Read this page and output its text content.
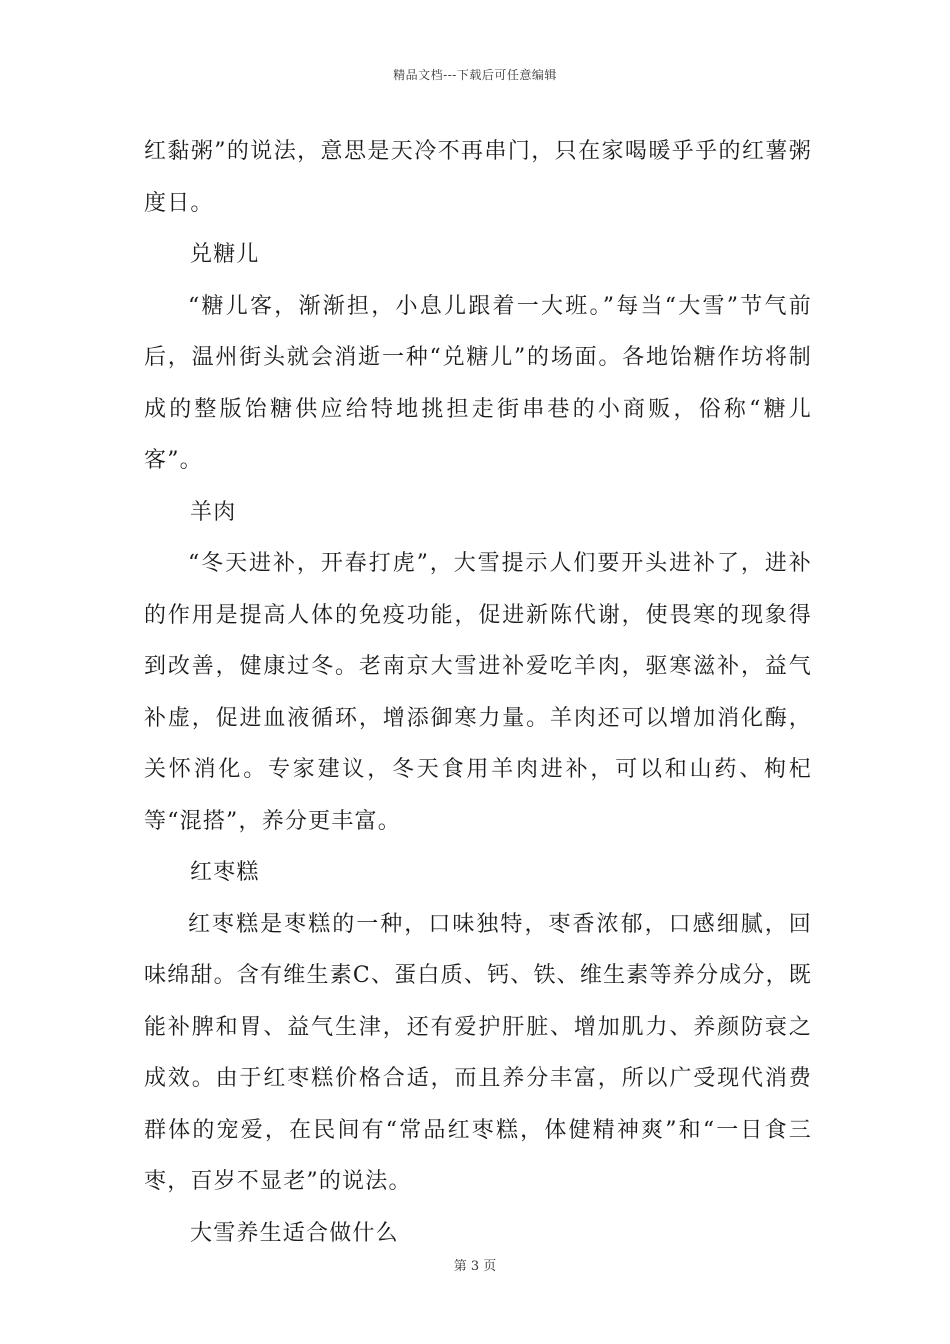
精品文档---下载后可任意编辑

红黏粥”的说法，意思是天冷不再串门，只在家喝暖乎乎的红薯粥度日。

兑糖儿

“糖儿客，渐渐担，小息儿跟着一大班。”每当“大雪”节气前后，温州街头就会消逝一种“兑糖儿”的场面。各地饴糖作坊将制成的整版饴糖供应给特地挑担走街串巷的小商贩，俗称“糖儿客”。

羊肉

“冬天进补，开春打虎”，大雪提示人们要开头进补了，进补的作用是提高人体的免疫功能，促进新陈代谢，使畏寒的现象得到改善，健康过冬。老南京大雪进补爱吃羊肉，驱寒滋补，益气补虚，促进血液循环，增添御寒力量。羊肉还可以增加消化酶，关怀消化。专家建议，冬天食用羊肉进补，可以和山药、枸杞等“混搭”，养分更丰富。

红枣糕

红枣糕是枣糕的一种，口味独特，枣香浓郁，口感细腻，回味绵甜。含有维生素C、蛋白质、钙、铁、维生素等养分成分，既能补脾和胃、益气生津，还有爱护肝脏、增加肌力、养颜防衰之成效。由于红枣糕价格合适，而且养分丰富，所以广受现代消费群体的宠爱，在民间有“常品红枣糕，体健精神爽”和“一日食三枣，百岁不显老”的说法。

大雪养生适合做什么

第 3 页
